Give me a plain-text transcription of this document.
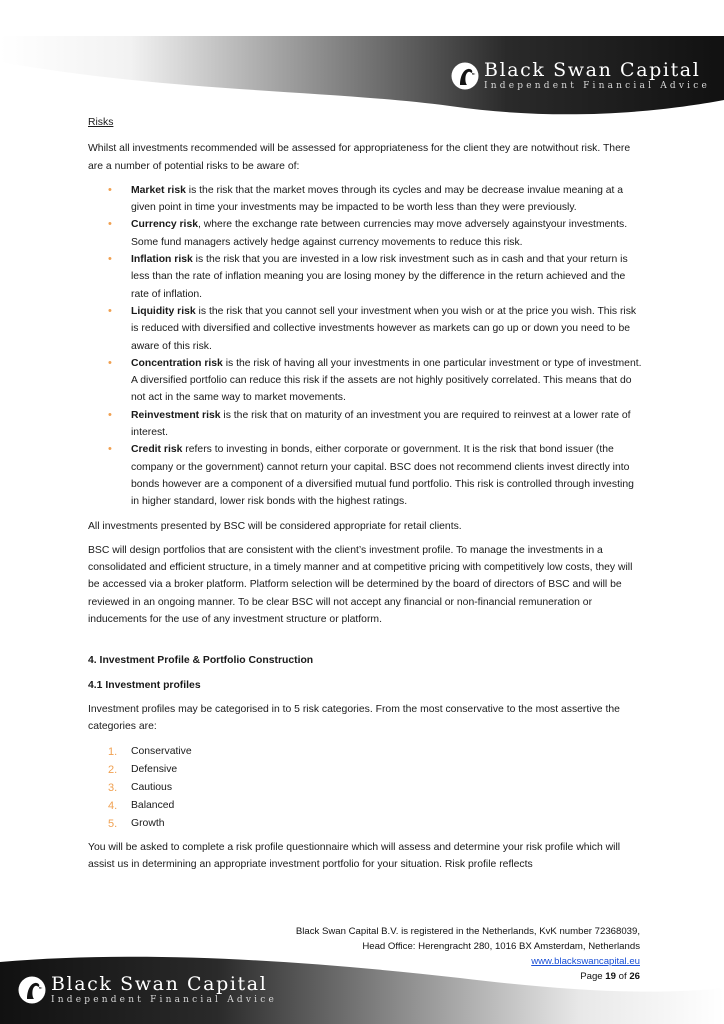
Black Swan Capital
Independent Financial Advice

Risks

Whilst all investments recommended will be assessed for appropriateness for the client they are notwithout risk. There are a number of potential risks to be aware of:

• Market risk is the risk that the market moves through its cycles and may be decrease invalue meaning at a given point in time your investments may be impacted to be worth less than they were previously.
• Currency risk, where the exchange rate between currencies may move adversely againstyour investments. Some fund managers actively hedge against currency movements to reduce this risk.
• Inflation risk is the risk that you are invested in a low risk investment such as in cash and that your return is less than the rate of inflation meaning you are losing money by the difference in the return achieved and the rate of inflation.
• Liquidity risk is the risk that you cannot sell your investment when you wish or at the price you wish. This risk is reduced with diversified and collective investments however as markets can go up or down you need to be aware of this risk.
• Concentration risk is the risk of having all your investments in one particular investment or type of investment. A diversified portfolio can reduce this risk if the assets are not highly positively correlated. This means that do not act in the same way to market movements.
• Reinvestment risk is the risk that on maturity of an investment you are required to reinvest at a lower rate of interest.
• Credit risk refers to investing in bonds, either corporate or government. It is the risk that bond issuer (the company or the government) cannot return your capital. BSC does not recommend clients invest directly into bonds however are a component of a diversified mutual fund portfolio. This risk is controlled through investing in higher standard, lower risk bonds with the highest ratings.

All investments presented by BSC will be considered appropriate for retail clients.

BSC will design portfolios that are consistent with the client’s investment profile. To manage the investments in a consolidated and efficient structure, in a timely manner and at competitive pricing with competitively low costs, they will be accessed via a broker platform. Platform selection will be determined by the board of directors of BSC and will be reviewed in an ongoing manner. To be clear BSC will not accept any financial or non-financial remuneration or inducements for the use of any investment structure or platform.

4. Investment Profile & Portfolio Construction

4.1 Investment profiles

Investment profiles may be categorised in to 5 risk categories. From the most conservative to the most assertive the categories are:

1. Conservative
2. Defensive
3. Cautious
4. Balanced
5. Growth

You will be asked to complete a risk profile questionnaire which will assess and determine your risk profile which will assist us in determining an appropriate investment portfolio for your situation. Risk profile reflects

Black Swan Capital B.V. is registered in the Netherlands, KvK number 72368039,
Head Office: Herengracht 280, 1016 BX Amsterdam, Netherlands
www.blackswancapital.eu
Page 19 of 26
Black Swan Capital
Independent Financial Advice
